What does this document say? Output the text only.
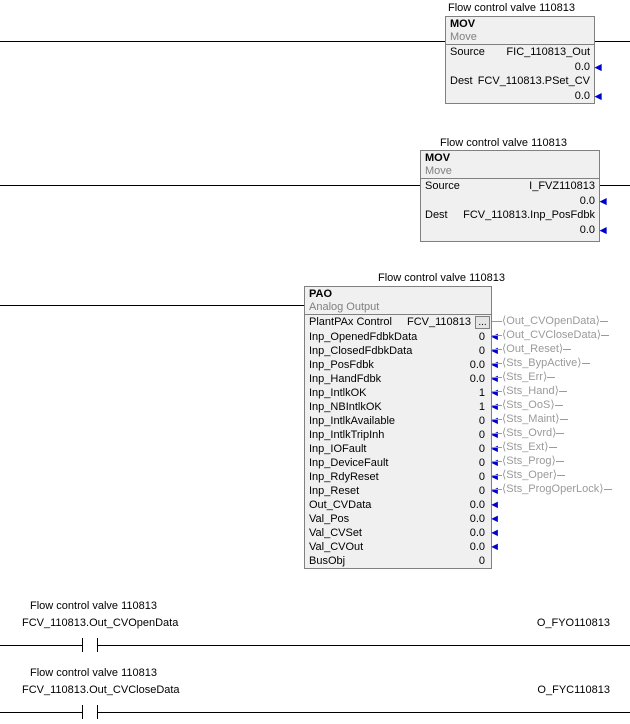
Flow control valve 110813
MOV
Move
Source FIC_110813_Out
0.0 ◄
Dest FCV_110813.PSet_CV
0.0 ◄
Flow control valve 110813
MOV
Move
Source	I_FVZ110813
0.0 ◄
Dest FCV_110813.Inp_PosFdbk
0.0 ◄
Flow control valve 110813
PAO
Analog Output
PlantPAx Control FCV_110813 ...
Inp_OpenedFdbkData	0 ◄
Inp_ClosedFdbkData	0 ◄
Inp_PosFdbk	0.0 ◄
Inp_HandFdbk	0.0 ◄
Inp_IntlkOK	1 ◄
Inp_NBIntlkOK	1 ◄
Inp_IntlkAvailable	0 ◄
Inp_IntlkTripInh	0 ◄
Inp_IOFault	0 ◄
Inp_DeviceFault	0 ◄
Inp_RdyReset	0 ◄
Inp_Reset	0 ◄
Out_CVData	0.0 ◄
Val_Pos	0.0 ◄
Val_CVSet	0.0 ◄
Val_CVOut	0.0 ◄
BusObj	0
⟨Out_CVOpenData⟩
⟨Out_CVCloseData⟩
⟨Out_Reset⟩
⟨Sts_BypActive⟩
⟨Sts_Err⟩
⟨Sts_Hand⟩
⟨Sts_OoS⟩
⟨Sts_Maint⟩
⟨Sts_Ovrd⟩
⟨Sts_Ext⟩
⟨Sts_Prog⟩
⟨Sts_Oper⟩
⟨Sts_ProgOperLock⟩
Flow control valve 110813
FCV_110813.Out_CVOpenData	O_FYO110813
Flow control valve 110813
FCV_110813.Out_CVCloseData	O_FYC110813
